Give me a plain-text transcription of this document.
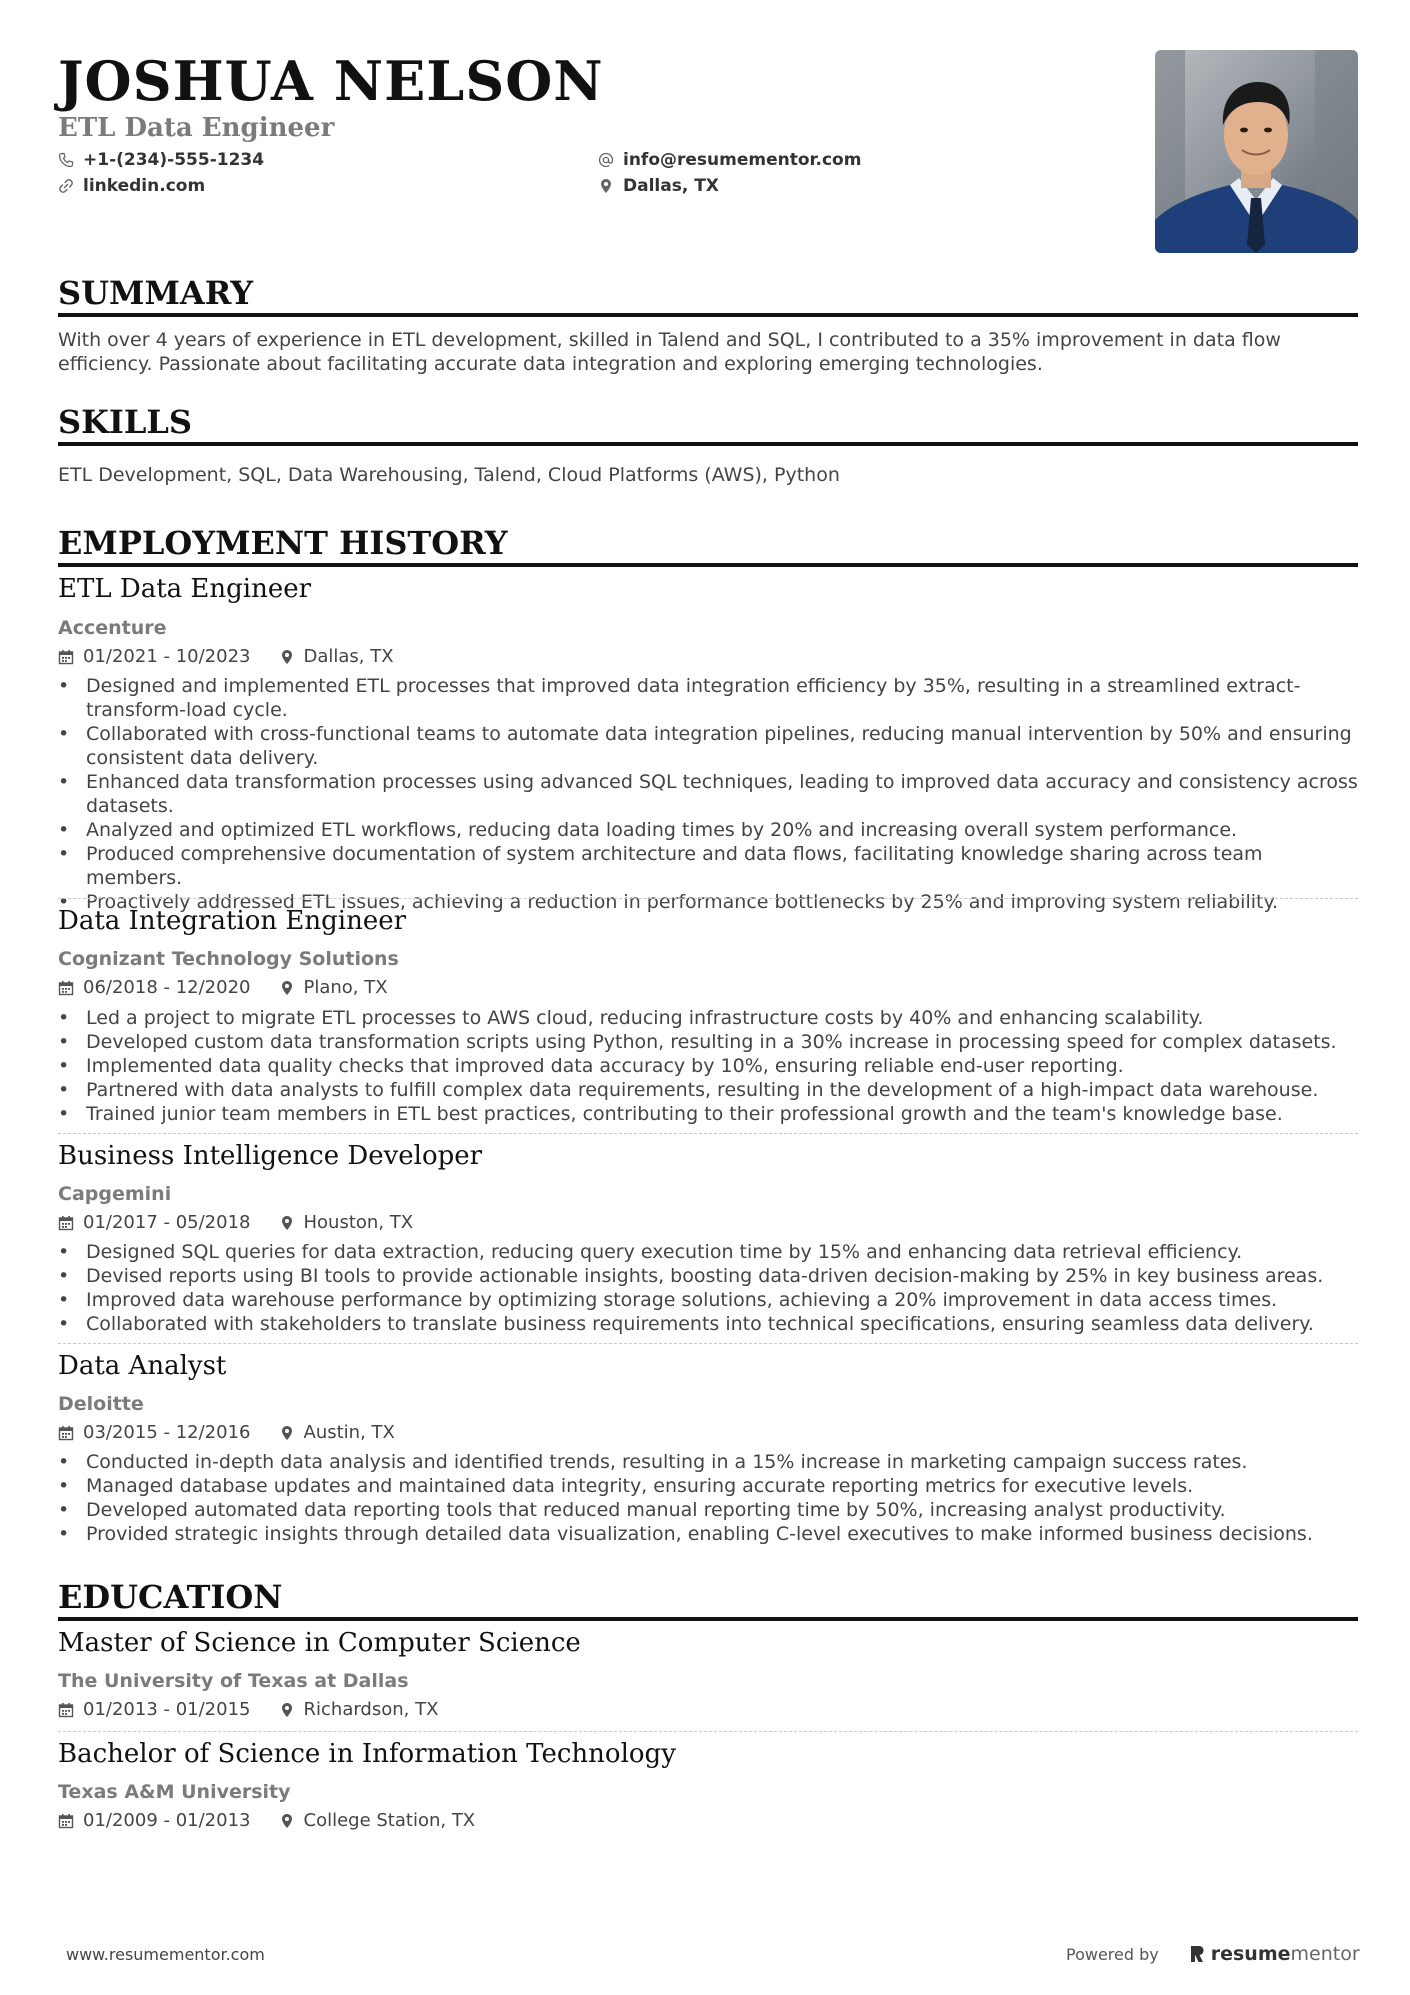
JOSHUA NELSON
ETL Data Engineer
+1-(234)-555-1234
linkedin.com
info@resumementor.com
Dallas, TX
SUMMARY
With over 4 years of experience in ETL development, skilled in Talend and SQL, I contributed to a 35% improvement in data flow efficiency. Passionate about facilitating accurate data integration and exploring emerging technologies.
SKILLS
ETL Development, SQL, Data Warehousing, Talend, Cloud Platforms (AWS), Python
EMPLOYMENT HISTORY
ETL Data Engineer
Accenture
01/2021 - 10/2023	Dallas, TX
• Designed and implemented ETL processes that improved data integration efficiency by 35%, resulting in a streamlined extract-transform-load cycle.
• Collaborated with cross-functional teams to automate data integration pipelines, reducing manual intervention by 50% and ensuring consistent data delivery.
• Enhanced data transformation processes using advanced SQL techniques, leading to improved data accuracy and consistency across datasets.
• Analyzed and optimized ETL workflows, reducing data loading times by 20% and increasing overall system performance.
• Produced comprehensive documentation of system architecture and data flows, facilitating knowledge sharing across team members.
• Proactively addressed ETL issues, achieving a reduction in performance bottlenecks by 25% and improving system reliability.
Data Integration Engineer
Cognizant Technology Solutions
06/2018 - 12/2020	Plano, TX
• Led a project to migrate ETL processes to AWS cloud, reducing infrastructure costs by 40% and enhancing scalability.
• Developed custom data transformation scripts using Python, resulting in a 30% increase in processing speed for complex datasets.
• Implemented data quality checks that improved data accuracy by 10%, ensuring reliable end-user reporting.
• Partnered with data analysts to fulfill complex data requirements, resulting in the development of a high-impact data warehouse.
• Trained junior team members in ETL best practices, contributing to their professional growth and the team's knowledge base.
Business Intelligence Developer
Capgemini
01/2017 - 05/2018	Houston, TX
• Designed SQL queries for data extraction, reducing query execution time by 15% and enhancing data retrieval efficiency.
• Devised reports using BI tools to provide actionable insights, boosting data-driven decision-making by 25% in key business areas.
• Improved data warehouse performance by optimizing storage solutions, achieving a 20% improvement in data access times.
• Collaborated with stakeholders to translate business requirements into technical specifications, ensuring seamless data delivery.
Data Analyst
Deloitte
03/2015 - 12/2016	Austin, TX
• Conducted in-depth data analysis and identified trends, resulting in a 15% increase in marketing campaign success rates.
• Managed database updates and maintained data integrity, ensuring accurate reporting metrics for executive levels.
• Developed automated data reporting tools that reduced manual reporting time by 50%, increasing analyst productivity.
• Provided strategic insights through detailed data visualization, enabling C-level executives to make informed business decisions.
EDUCATION
Master of Science in Computer Science
The University of Texas at Dallas
01/2013 - 01/2015	Richardson, TX
Bachelor of Science in Information Technology
Texas A&M University
01/2009 - 01/2013	College Station, TX
www.resumementor.com	Powered by	resume mentor
